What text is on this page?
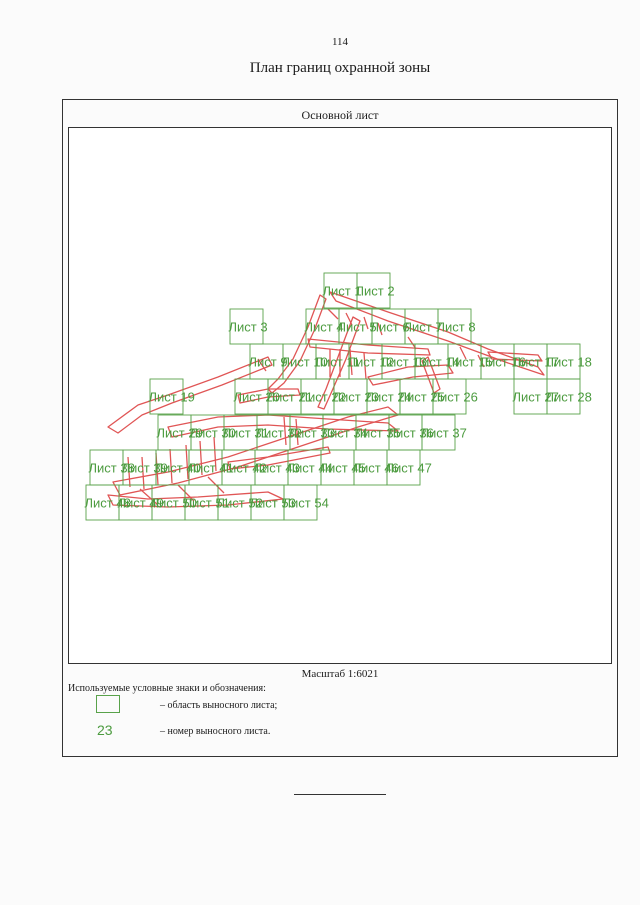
114
План границ охранной зоны
Основной лист
Лист 1
Лист 2
Лист 3	Лист 4
Лист 5
Лист 6
Лист 7
Лист 8
Лист 9
Лист 10
Лист 11
Лист 12
Лист 13
Лист 14
Лист 15
Лист 16
Лист 17
Лист 18
Лист 19	Лист 20
Лист 21
Лист 22
Лист 23
Лист 24
Лист 25
Лист 26	Лист 27
Лист 28
Лист 29
Лист 30
Лист 31
Лист 32
Лист 33
Лист 34
Лист 35
Лист 36
Лист 37
Лист 38
Лист 39
Лист 40
Лист 41
Лист 42
Лист 43
Лист 44
Лист 45
Лист 46
Лист 47
Лист 48
Лист 49
Лист 50
Лист 51
Лист 52
Лист 53
Лист 54
Масштаб 1:6021
Используемые условные знаки и обозначения:
– область выносного листа;
23	– номер выносного листа.
